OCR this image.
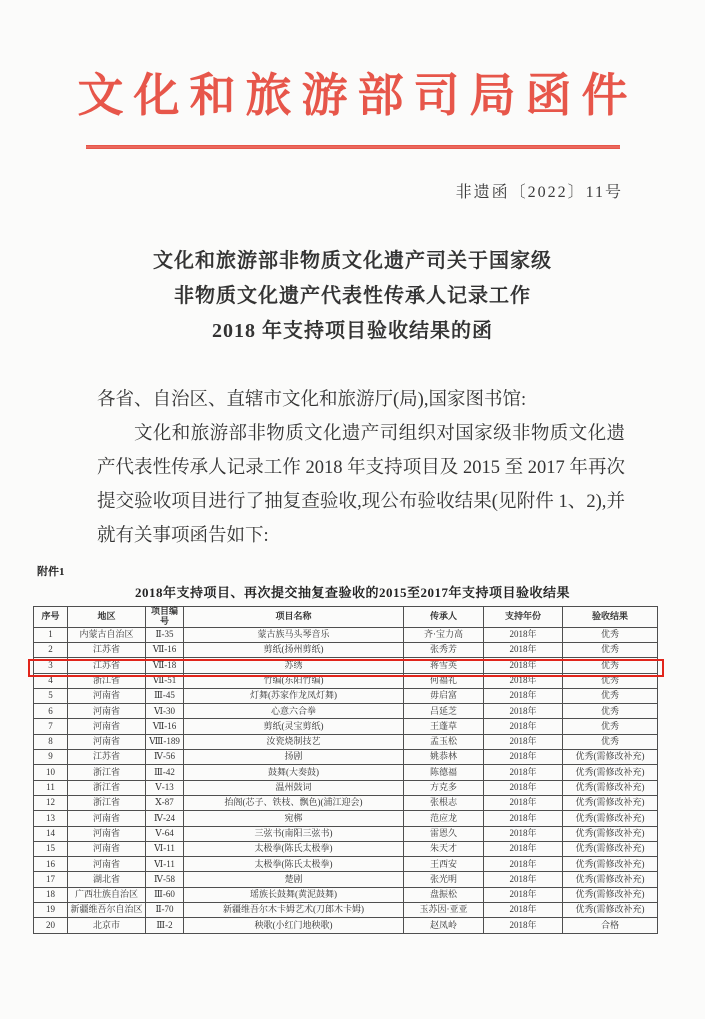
文化和旅游部司局函件
非遗函〔2022〕11号
文化和旅游部非物质文化遗产司关于国家级
非物质文化遗产代表性传承人记录工作
2018 年支持项目验收结果的函
各省、自治区、直辖市文化和旅游厅(局),国家图书馆:
文化和旅游部非物质文化遗产司组织对国家级非物质文化遗产代表性传承人记录工作 2018 年支持项目及 2015 至 2017 年再次提交验收项目进行了抽复查验收,现公布验收结果(见附件 1、2),并就有关事项函告如下:
附件1
2018年支持项目、再次提交抽复查验收的2015至2017年支持项目验收结果
序号	地区	项目编号	项目名称	传承人	支持年份	验收结果
1	内蒙古自治区	Ⅱ-35	蒙古族马头琴音乐	齐·宝力高	2018年	优秀
2	江苏省	Ⅶ-16	剪纸(扬州剪纸)	张秀芳	2018年	优秀
3	江苏省	Ⅶ-18	苏绣	蒋雪英	2018年	优秀
4	浙江省	Ⅶ-51	竹编(东阳竹编)	何福礼	2018年	优秀
5	河南省	Ⅲ-45	灯舞(苏家作龙凤灯舞)	毋启富	2018年	优秀
6	河南省	Ⅵ-30	心意六合拳	吕延芝	2018年	优秀
7	河南省	Ⅶ-16	剪纸(灵宝剪纸)	王蓬草	2018年	优秀
8	河南省	Ⅷ-189	汝瓷烧制技艺	孟玉松	2018年	优秀
9	江苏省	Ⅳ-56	扬剧	姚恭林	2018年	优秀(需修改补充)
10	浙江省	Ⅲ-42	鼓舞(大奏鼓)	陈德福	2018年	优秀(需修改补充)
11	浙江省	Ⅴ-13	温州鼓词	方克多	2018年	优秀(需修改补充)
12	浙江省	Ⅹ-87	抬阁(芯子、铁枝、飘色)(浦江迎会)	张根志	2018年	优秀(需修改补充)
13	河南省	Ⅳ-24	宛梆	范应龙	2018年	优秀(需修改补充)
14	河南省	Ⅴ-64	三弦书(南阳三弦书)	雷恩久	2018年	优秀(需修改补充)
15	河南省	Ⅵ-11	太极拳(陈氏太极拳)	朱天才	2018年	优秀(需修改补充)
16	河南省	Ⅵ-11	太极拳(陈氏太极拳)	王西安	2018年	优秀(需修改补充)
17	湖北省	Ⅳ-58	楚剧	张光明	2018年	优秀(需修改补充)
18	广西壮族自治区	Ⅲ-60	瑶族长鼓舞(黄泥鼓舞)	盘振松	2018年	优秀(需修改补充)
19	新疆维吾尔自治区	Ⅱ-70	新疆维吾尔木卡姆艺术(刀郎木卡姆)	玉苏因·亚亚	2018年	优秀(需修改补充)
20	北京市	Ⅲ-2	秧歌(小红门地秧歌)	赵凤岭	2018年	合格
